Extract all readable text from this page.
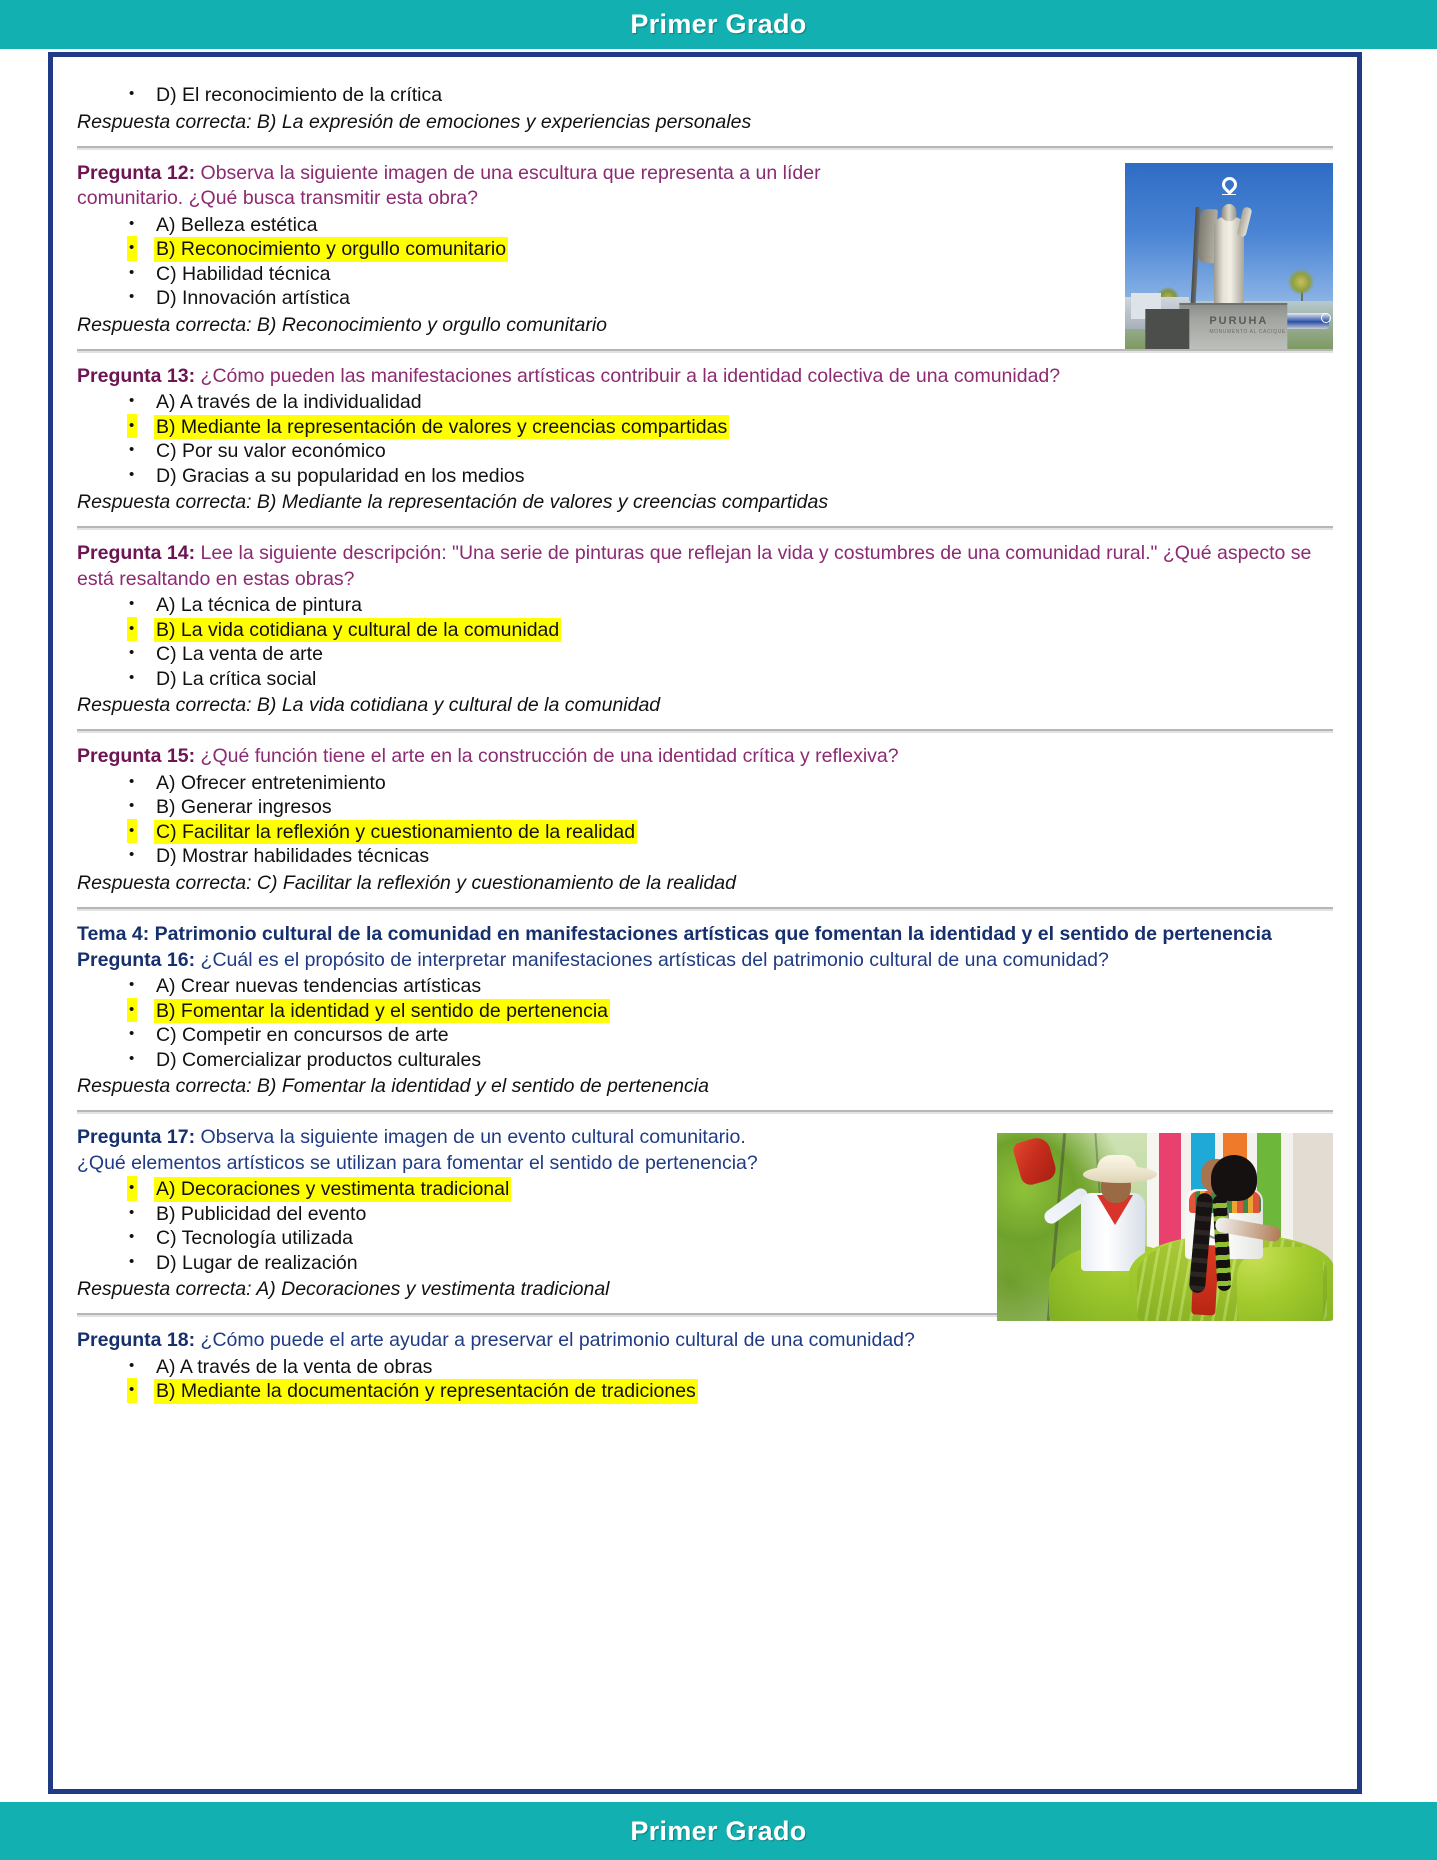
Primer Grado
• D) El reconocimiento de la crítica
Respuesta correcta: B) La expresión de emociones y experiencias personales
PURUHA
MONUMENTO AL CACIQUE
Pregunta 12: Observa la siguiente imagen de una escultura que representa a un líder comunitario. ¿Qué busca transmitir esta obra?
• A) Belleza estética
• B) Reconocimiento y orgullo comunitario
• C) Habilidad técnica
• D) Innovación artística
Respuesta correcta: B) Reconocimiento y orgullo comunitario
Pregunta 13: ¿Cómo pueden las manifestaciones artísticas contribuir a la identidad colectiva de una comunidad?
• A) A través de la individualidad
• B) Mediante la representación de valores y creencias compartidas
• C) Por su valor económico
• D) Gracias a su popularidad en los medios
Respuesta correcta: B) Mediante la representación de valores y creencias compartidas
Pregunta 14: Lee la siguiente descripción: "Una serie de pinturas que reflejan la vida y costumbres de una comunidad rural." ¿Qué aspecto se está resaltando en estas obras?
• A) La técnica de pintura
• B) La vida cotidiana y cultural de la comunidad
• C) La venta de arte
• D) La crítica social
Respuesta correcta: B) La vida cotidiana y cultural de la comunidad
Pregunta 15: ¿Qué función tiene el arte en la construcción de una identidad crítica y reflexiva?
• A) Ofrecer entretenimiento
• B) Generar ingresos
• C) Facilitar la reflexión y cuestionamiento de la realidad
• D) Mostrar habilidades técnicas
Respuesta correcta: C) Facilitar la reflexión y cuestionamiento de la realidad
Tema 4: Patrimonio cultural de la comunidad en manifestaciones artísticas que fomentan la identidad y el sentido de pertenencia
Pregunta 16: ¿Cuál es el propósito de interpretar manifestaciones artísticas del patrimonio cultural de una comunidad?
• A) Crear nuevas tendencias artísticas
• B) Fomentar la identidad y el sentido de pertenencia
• C) Competir en concursos de arte
• D) Comercializar productos culturales
Respuesta correcta: B) Fomentar la identidad y el sentido de pertenencia
Pregunta 17: Observa la siguiente imagen de un evento cultural comunitario. ¿Qué elementos artísticos se utilizan para fomentar el sentido de pertenencia?
• A) Decoraciones y vestimenta tradicional
• B) Publicidad del evento
• C) Tecnología utilizada
• D) Lugar de realización
Respuesta correcta: A) Decoraciones y vestimenta tradicional
Pregunta 18: ¿Cómo puede el arte ayudar a preservar el patrimonio cultural de una comunidad?
• A) A través de la venta de obras
• B) Mediante la documentación y representación de tradiciones
Primer Grado
